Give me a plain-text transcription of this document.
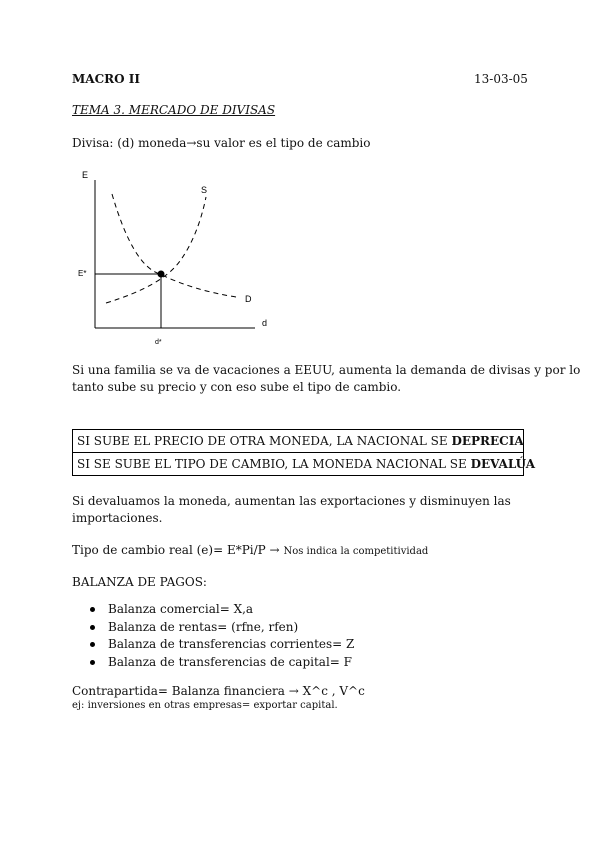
MACRO II	13-03-05
TEMA 3. MERCADO DE DIVISAS
Divisa: (d) moneda→su valor es el tipo de cambio
E
d
S
D
E*
d*
Si una familia se va de vacaciones a EEUU, aumenta la demanda de divisas y por lo
tanto sube su precio y con eso sube el tipo de cambio.
SI SUBE EL PRECIO DE OTRA MONEDA, LA NACIONAL SE DEPRECIA
SI SE SUBE EL TIPO DE CAMBIO, LA MONEDA NACIONAL SE DEVALÚA
Si devaluamos la moneda, aumentan las exportaciones y disminuyen las
importaciones.
Tipo de cambio real (e)= E*Pi/P → Nos indica la competitividad
BALANZA DE PAGOS:
Balanza comercial= X,a
Balanza de rentas= (rfne, rfen)
Balanza de transferencias corrientes= Z
Balanza de transferencias de capital= F
Contrapartida= Balanza financiera → X^c , V^c
ej: inversiones en otras empresas= exportar capital.
